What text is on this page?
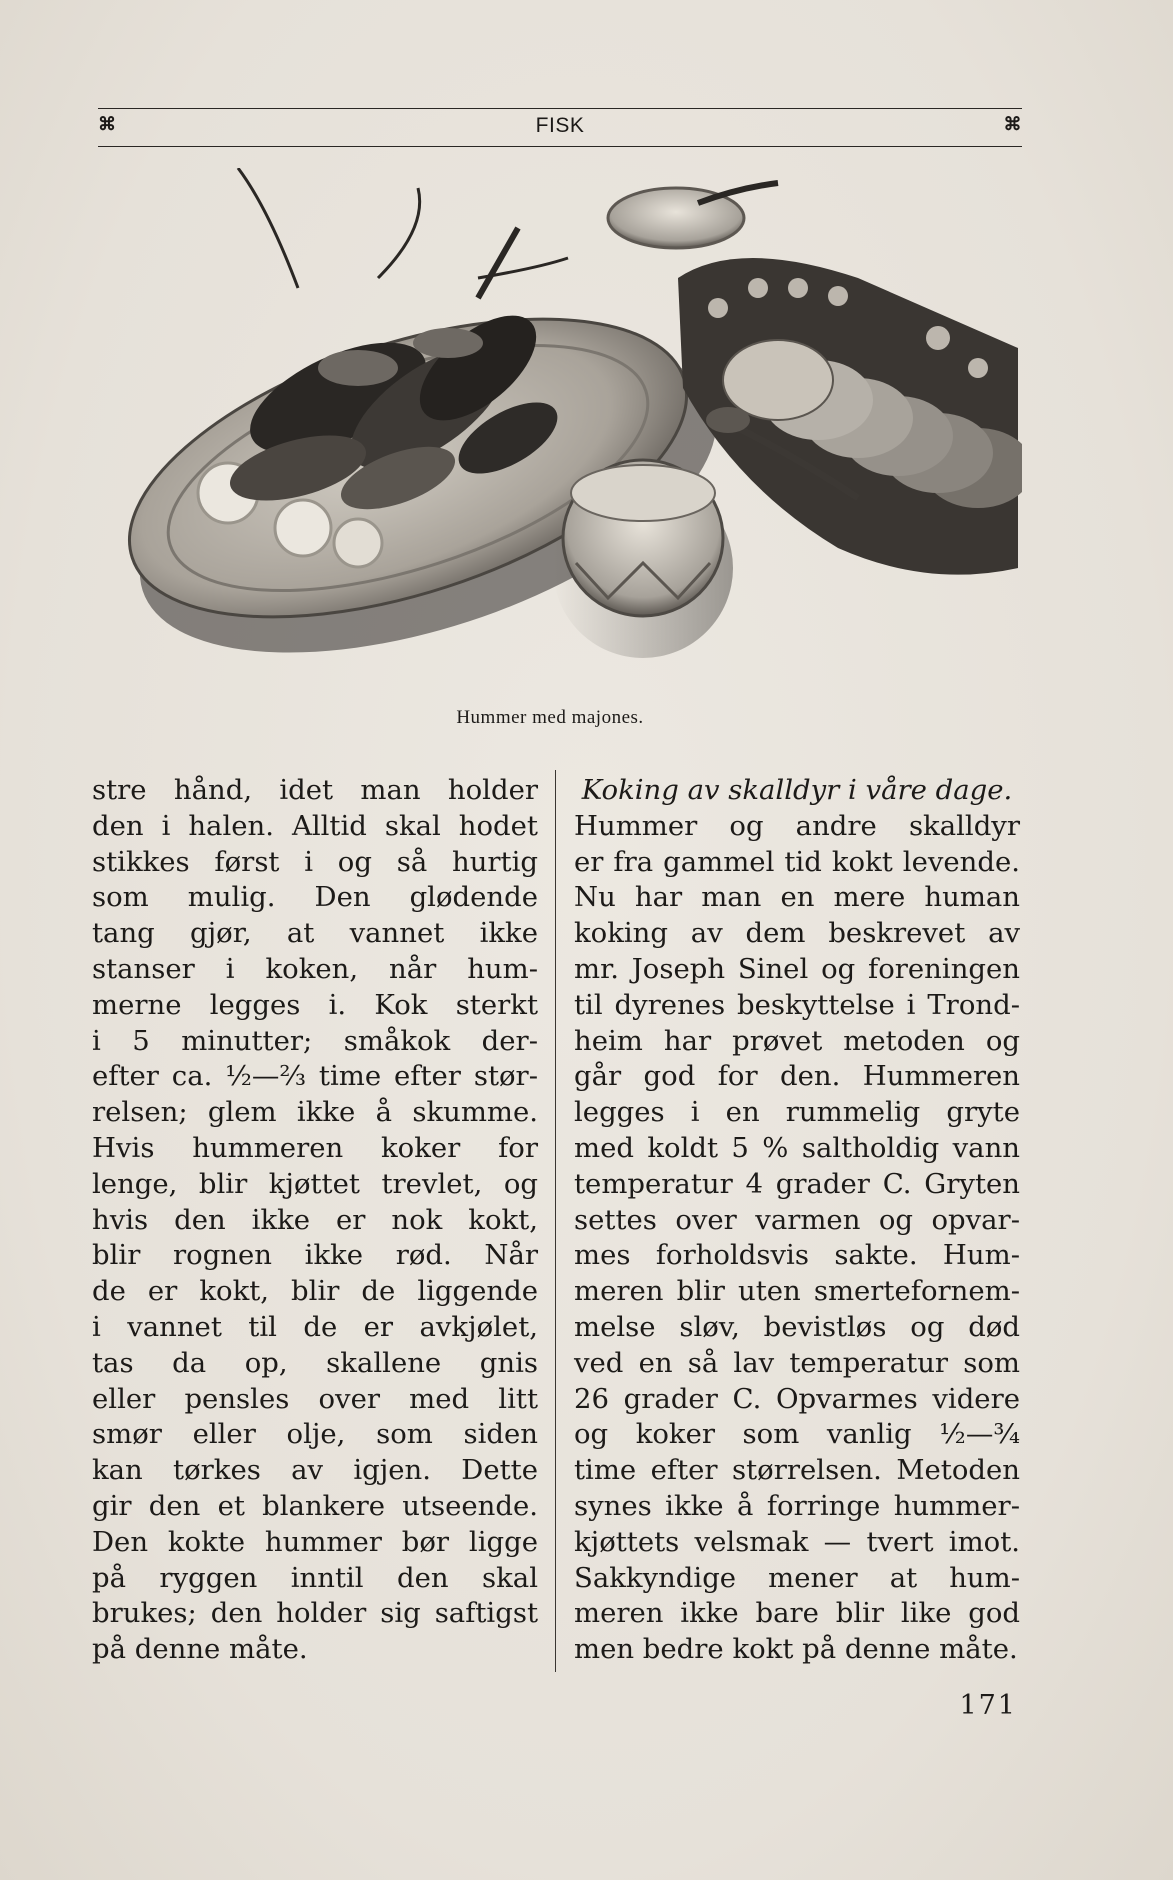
⌘	FISK	⌘
Hummer med majones.
stre hånd, idet man holder
den i halen. Alltid skal hodet
stikkes først i og så hurtig
som mulig. Den glødende
tang gjør, at vannet ikke
stanser i koken, når hum-
merne legges i. Kok sterkt
i 5 minutter; småkok der-
efter ca. ½—⅔ time efter stør-
relsen; glem ikke å skumme.
Hvis hummeren koker for
lenge, blir kjøttet trevlet, og
hvis den ikke er nok kokt,
blir rognen ikke rød. Når
de er kokt, blir de liggende
i vannet til de er avkjølet,
tas da op, skallene gnis
eller pensles over med litt
smør eller olje, som siden
kan tørkes av igjen. Dette
gir den et blankere utseende.
Den kokte hummer bør ligge
på ryggen inntil den skal
brukes; den holder sig saftigst
på denne måte.
Koking av skalldyr i våre dage.
Hummer og andre skalldyr
er fra gammel tid kokt levende.
Nu har man en mere human
koking av dem beskrevet av
mr. Joseph Sinel og foreningen
til dyrenes beskyttelse i Trond-
heim har prøvet metoden og
går god for den. Hummeren
legges i en rummelig gryte
med koldt 5 % saltholdig vann
temperatur 4 grader C. Gryten
settes over varmen og opvar-
mes forholdsvis sakte. Hum-
meren blir uten smertefornem-
melse sløv, bevistløs og død
ved en så lav temperatur som
26 grader C. Opvarmes videre
og koker som vanlig ½—¾
time efter størrelsen. Metoden
synes ikke å forringe hummer-
kjøttets velsmak — tvert imot.
Sakkyndige mener at hum-
meren ikke bare blir like god
men bedre kokt på denne måte.
171
